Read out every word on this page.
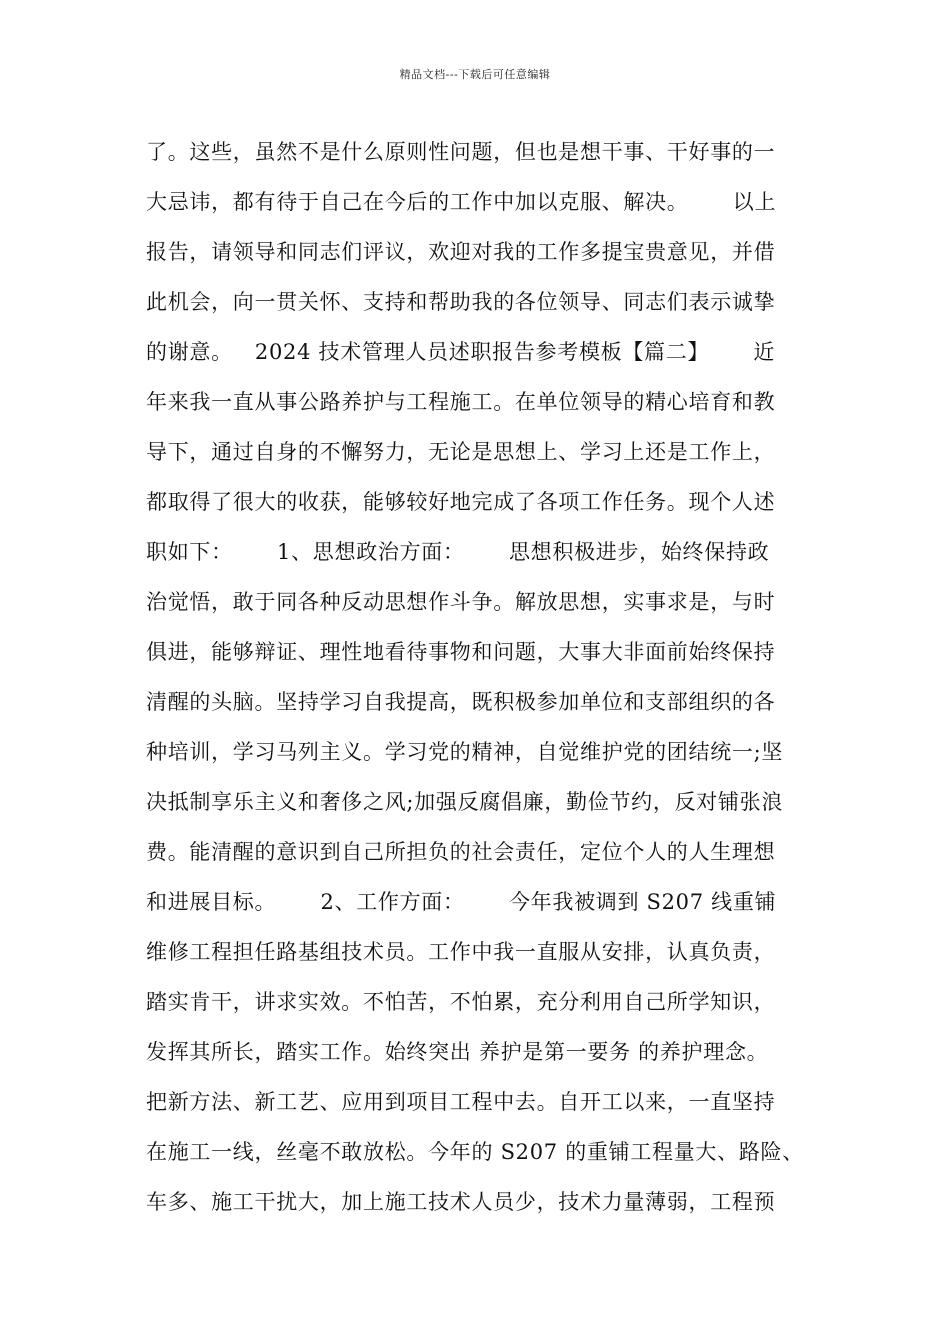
精品文档---下载后可任意编辑
了。这些，虽然不是什么原则性问题，但也是想干事、干好事的一
大忌讳，都有待于自己在今后的工作中加以克服、解决。      以上
报告，请领导和同志们评议，欢迎对我的工作多提宝贵意见，并借
此机会，向一贯关怀、支持和帮助我的各位领导、同志们表示诚挚
的谢意。   2024 技术管理人员述职报告参考模板【篇二】      近
年来我一直从事公路养护与工程施工。在单位领导的精心培育和教
导下，通过自身的不懈努力，无论是思想上、学习上还是工作上，
都取得了很大的收获，能够较好地完成了各项工作任务。现个人述
职如下：      1、思想政治方面：      思想积极进步，始终保持政
治觉悟，敢于同各种反动思想作斗争。解放思想，实事求是，与时
俱进，能够辩证、理性地看待事物和问题，大事大非面前始终保持
清醒的头脑。坚持学习自我提高，既积极参加单位和支部组织的各
种培训，学习马列主义。学习党的精神，自觉维护党的团结统一;坚
决抵制享乐主义和奢侈之风;加强反腐倡廉，勤俭节约，反对铺张浪
费。能清醒的意识到自己所担负的社会责任，定位个人的人生理想
和进展目标。      2、工作方面：      今年我被调到 S207 线重铺
维修工程担任路基组技术员。工作中我一直服从安排，认真负责，
踏实肯干，讲求实效。不怕苦，不怕累，充分利用自己所学知识，
发挥其所长，踏实工作。始终突出 养护是第一要务 的养护理念。
把新方法、新工艺、应用到项目工程中去。自开工以来，一直坚持
在施工一线，丝毫不敢放松。今年的 S207 的重铺工程量大、路险、
车多、施工干扰大，加上施工技术人员少，技术力量薄弱，工程预
